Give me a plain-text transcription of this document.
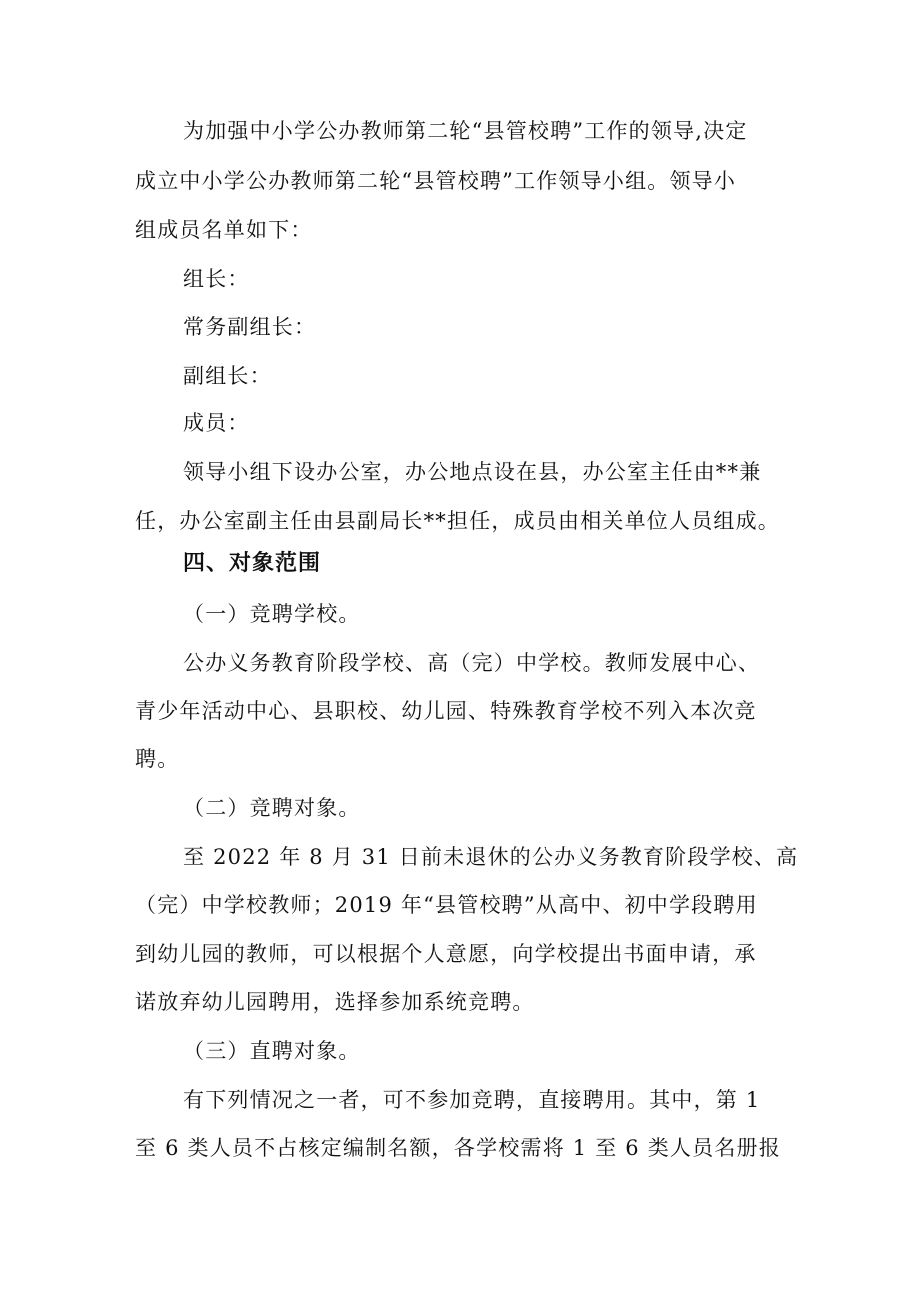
为加强中小学公办教师第二轮“县管校聘”工作的领导,决定
成立中小学公办教师第二轮“县管校聘”工作领导小组。领导小
组成员名单如下：
组长：
常务副组长：
副组长：
成员：
领导小组下设办公室，办公地点设在县，办公室主任由**兼
任，办公室副主任由县副局长**担任，成员由相关单位人员组成。
四、对象范围
（一）竞聘学校。
公办义务教育阶段学校、高（完）中学校。教师发展中心、
青少年活动中心、县职校、幼儿园、特殊教育学校不列入本次竞
聘。
（二）竞聘对象。
至 2022 年 8 月 31 日前未退休的公办义务教育阶段学校、高
（完）中学校教师；2019 年“县管校聘”从高中、初中学段聘用
到幼儿园的教师，可以根据个人意愿，向学校提出书面申请，承
诺放弃幼儿园聘用，选择参加系统竞聘。
（三）直聘对象。
有下列情况之一者，可不参加竞聘，直接聘用。其中，第 1
至 6 类人员不占核定编制名额，各学校需将 1 至 6 类人员名册报
